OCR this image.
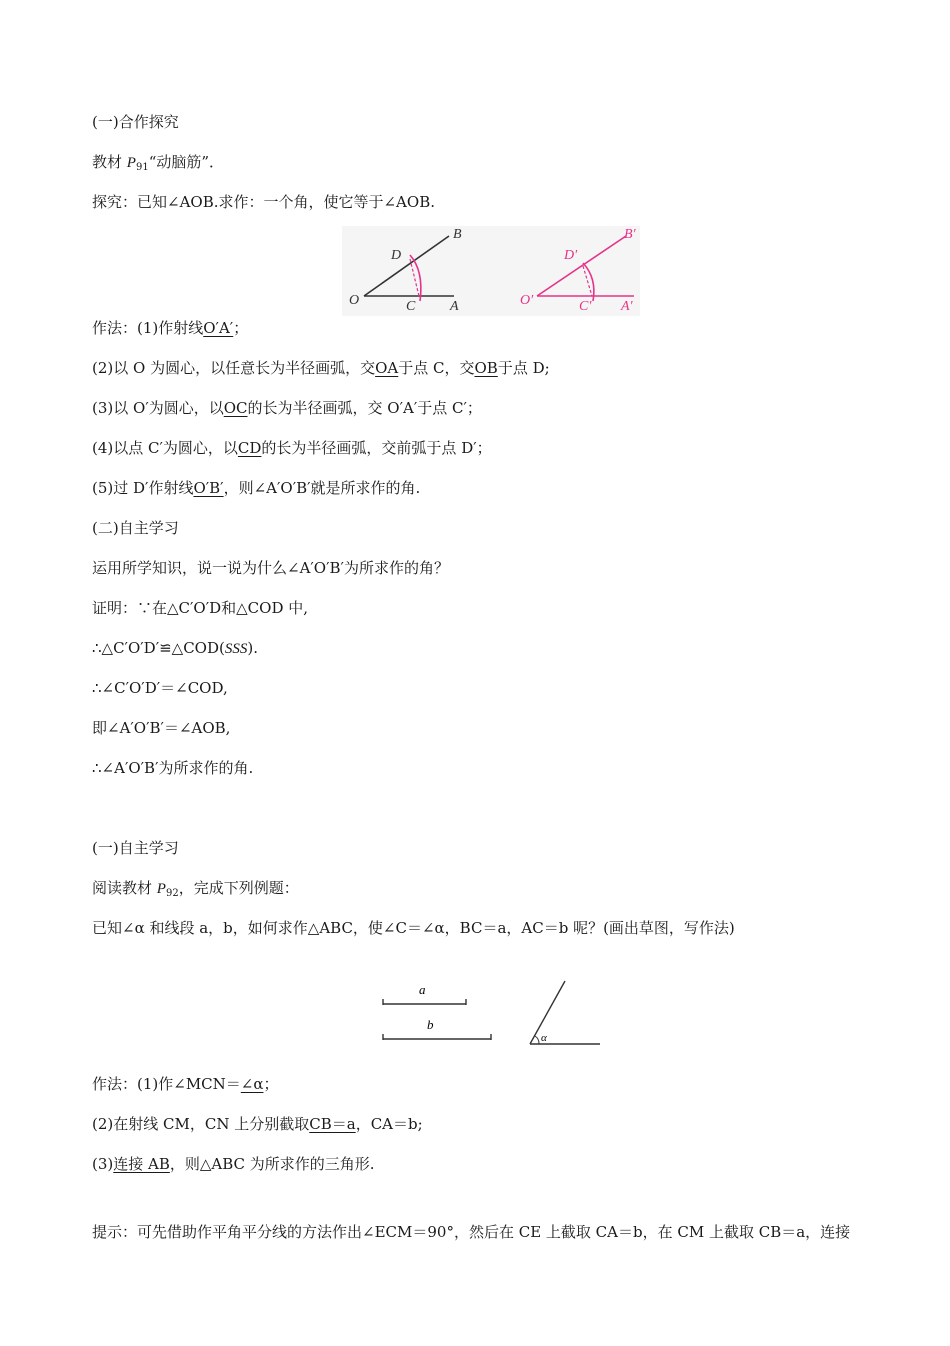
(一)合作探究
教材 $P_{91}“$动脑筋”．
探究：已知∠AOB.求作：一个角，使它等于∠AOB.
O	C A
B
D
O′	C′ A′
B′
D′
作法：(1)作射线O′A′；
(2)以 O 为圆心，以任意长为半径画弧，交OA于点 C，交OB于点 D;
(3)以 O′为圆心，以OC的长为半径画弧，交 O′A′于点 C′；
(4)以点 C′为圆心，以CD的长为半径画弧，交前弧于点 D′；
(5)过 D′作射线O′B′，则∠A′O′B′就是所求作的角.
(二)自主学习
运用所学知识，说一说为什么∠A′O′B′为所求作的角？
证明：∵在△C′O′D和△COD 中,
∴△C′O′D′≌△COD(SSS).
∴∠C′O′D′＝∠COD,
即∠A′O′B′＝∠AOB,
∴∠A′O′B′为所求作的角.
(一)自主学习
阅读教材 $P_{92}$，完成下列例题：
已知∠α 和线段 a，b，如何求作△ABC，使∠C＝∠α，BC＝a，AC＝b 呢？(画出草图，写作法)
a
b
α
作法：(1)作∠MCN＝∠α；
(2)在射线 CM，CN 上分别截取CB＝a，CA＝b;
(3)连接 AB，则△ABC 为所求作的三角形.
提示：可先借助作平角平分线的方法作出∠ECM＝90°，然后在 CE 上截取 CA＝b，在 CM 上截取 CB＝a，连接
